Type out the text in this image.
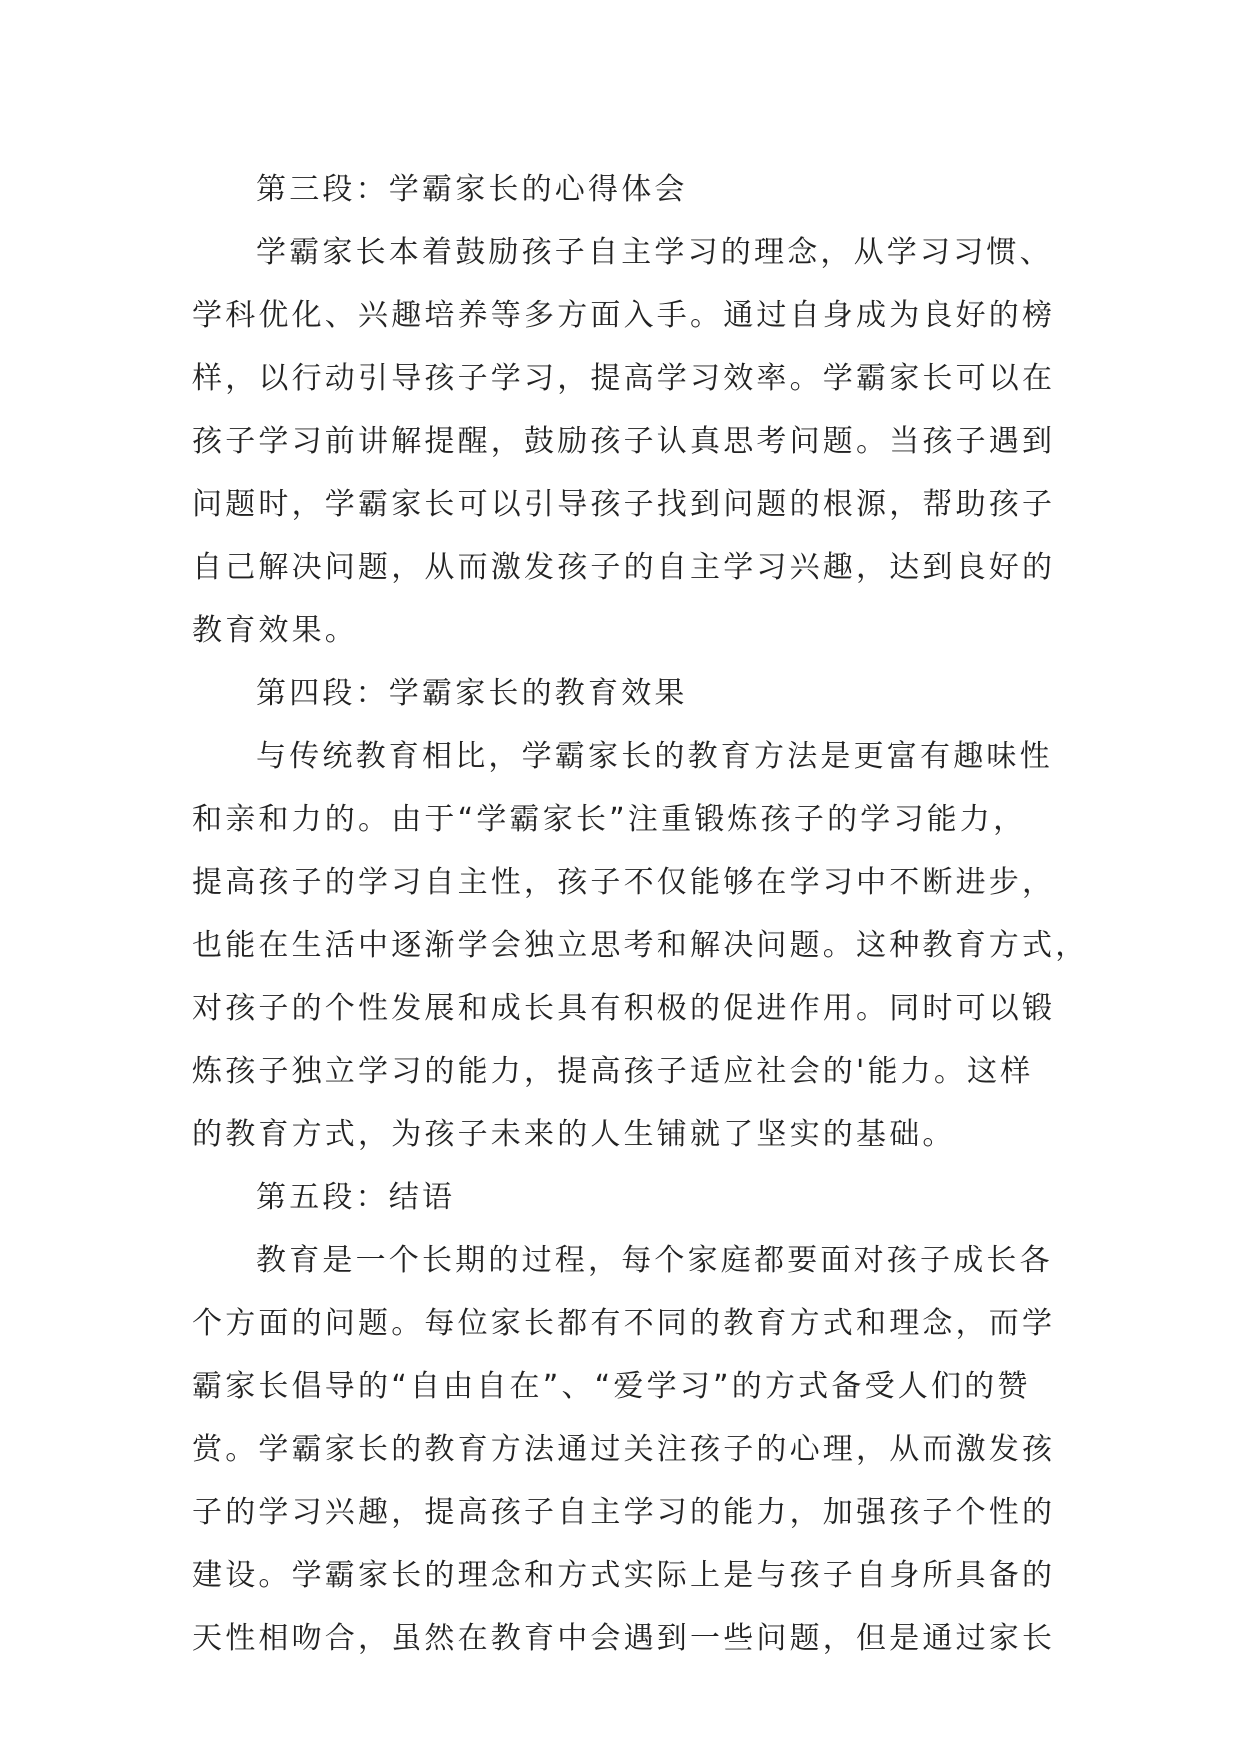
第三段：学霸家长的心得体会
学霸家长本着鼓励孩子自主学习的理念，从学习习惯、
学科优化、兴趣培养等多方面入手。通过自身成为良好的榜
样，以行动引导孩子学习，提高学习效率。学霸家长可以在
孩子学习前讲解提醒，鼓励孩子认真思考问题。当孩子遇到
问题时，学霸家长可以引导孩子找到问题的根源，帮助孩子
自己解决问题，从而激发孩子的自主学习兴趣，达到良好的
教育效果。
第四段：学霸家长的教育效果
与传统教育相比，学霸家长的教育方法是更富有趣味性
和亲和力的。由于“学霸家长”注重锻炼孩子的学习能力，
提高孩子的学习自主性，孩子不仅能够在学习中不断进步，
也能在生活中逐渐学会独立思考和解决问题。这种教育方式，
对孩子的个性发展和成长具有积极的促进作用。同时可以锻
炼孩子独立学习的能力，提高孩子适应社会的'能力。这样
的教育方式，为孩子未来的人生铺就了坚实的基础。
第五段：结语
教育是一个长期的过程，每个家庭都要面对孩子成长各
个方面的问题。每位家长都有不同的教育方式和理念，而学
霸家长倡导的“自由自在”、“爱学习”的方式备受人们的赞
赏。学霸家长的教育方法通过关注孩子的心理，从而激发孩
子的学习兴趣，提高孩子自主学习的能力，加强孩子个性的
建设。学霸家长的理念和方式实际上是与孩子自身所具备的
天性相吻合，虽然在教育中会遇到一些问题，但是通过家长
